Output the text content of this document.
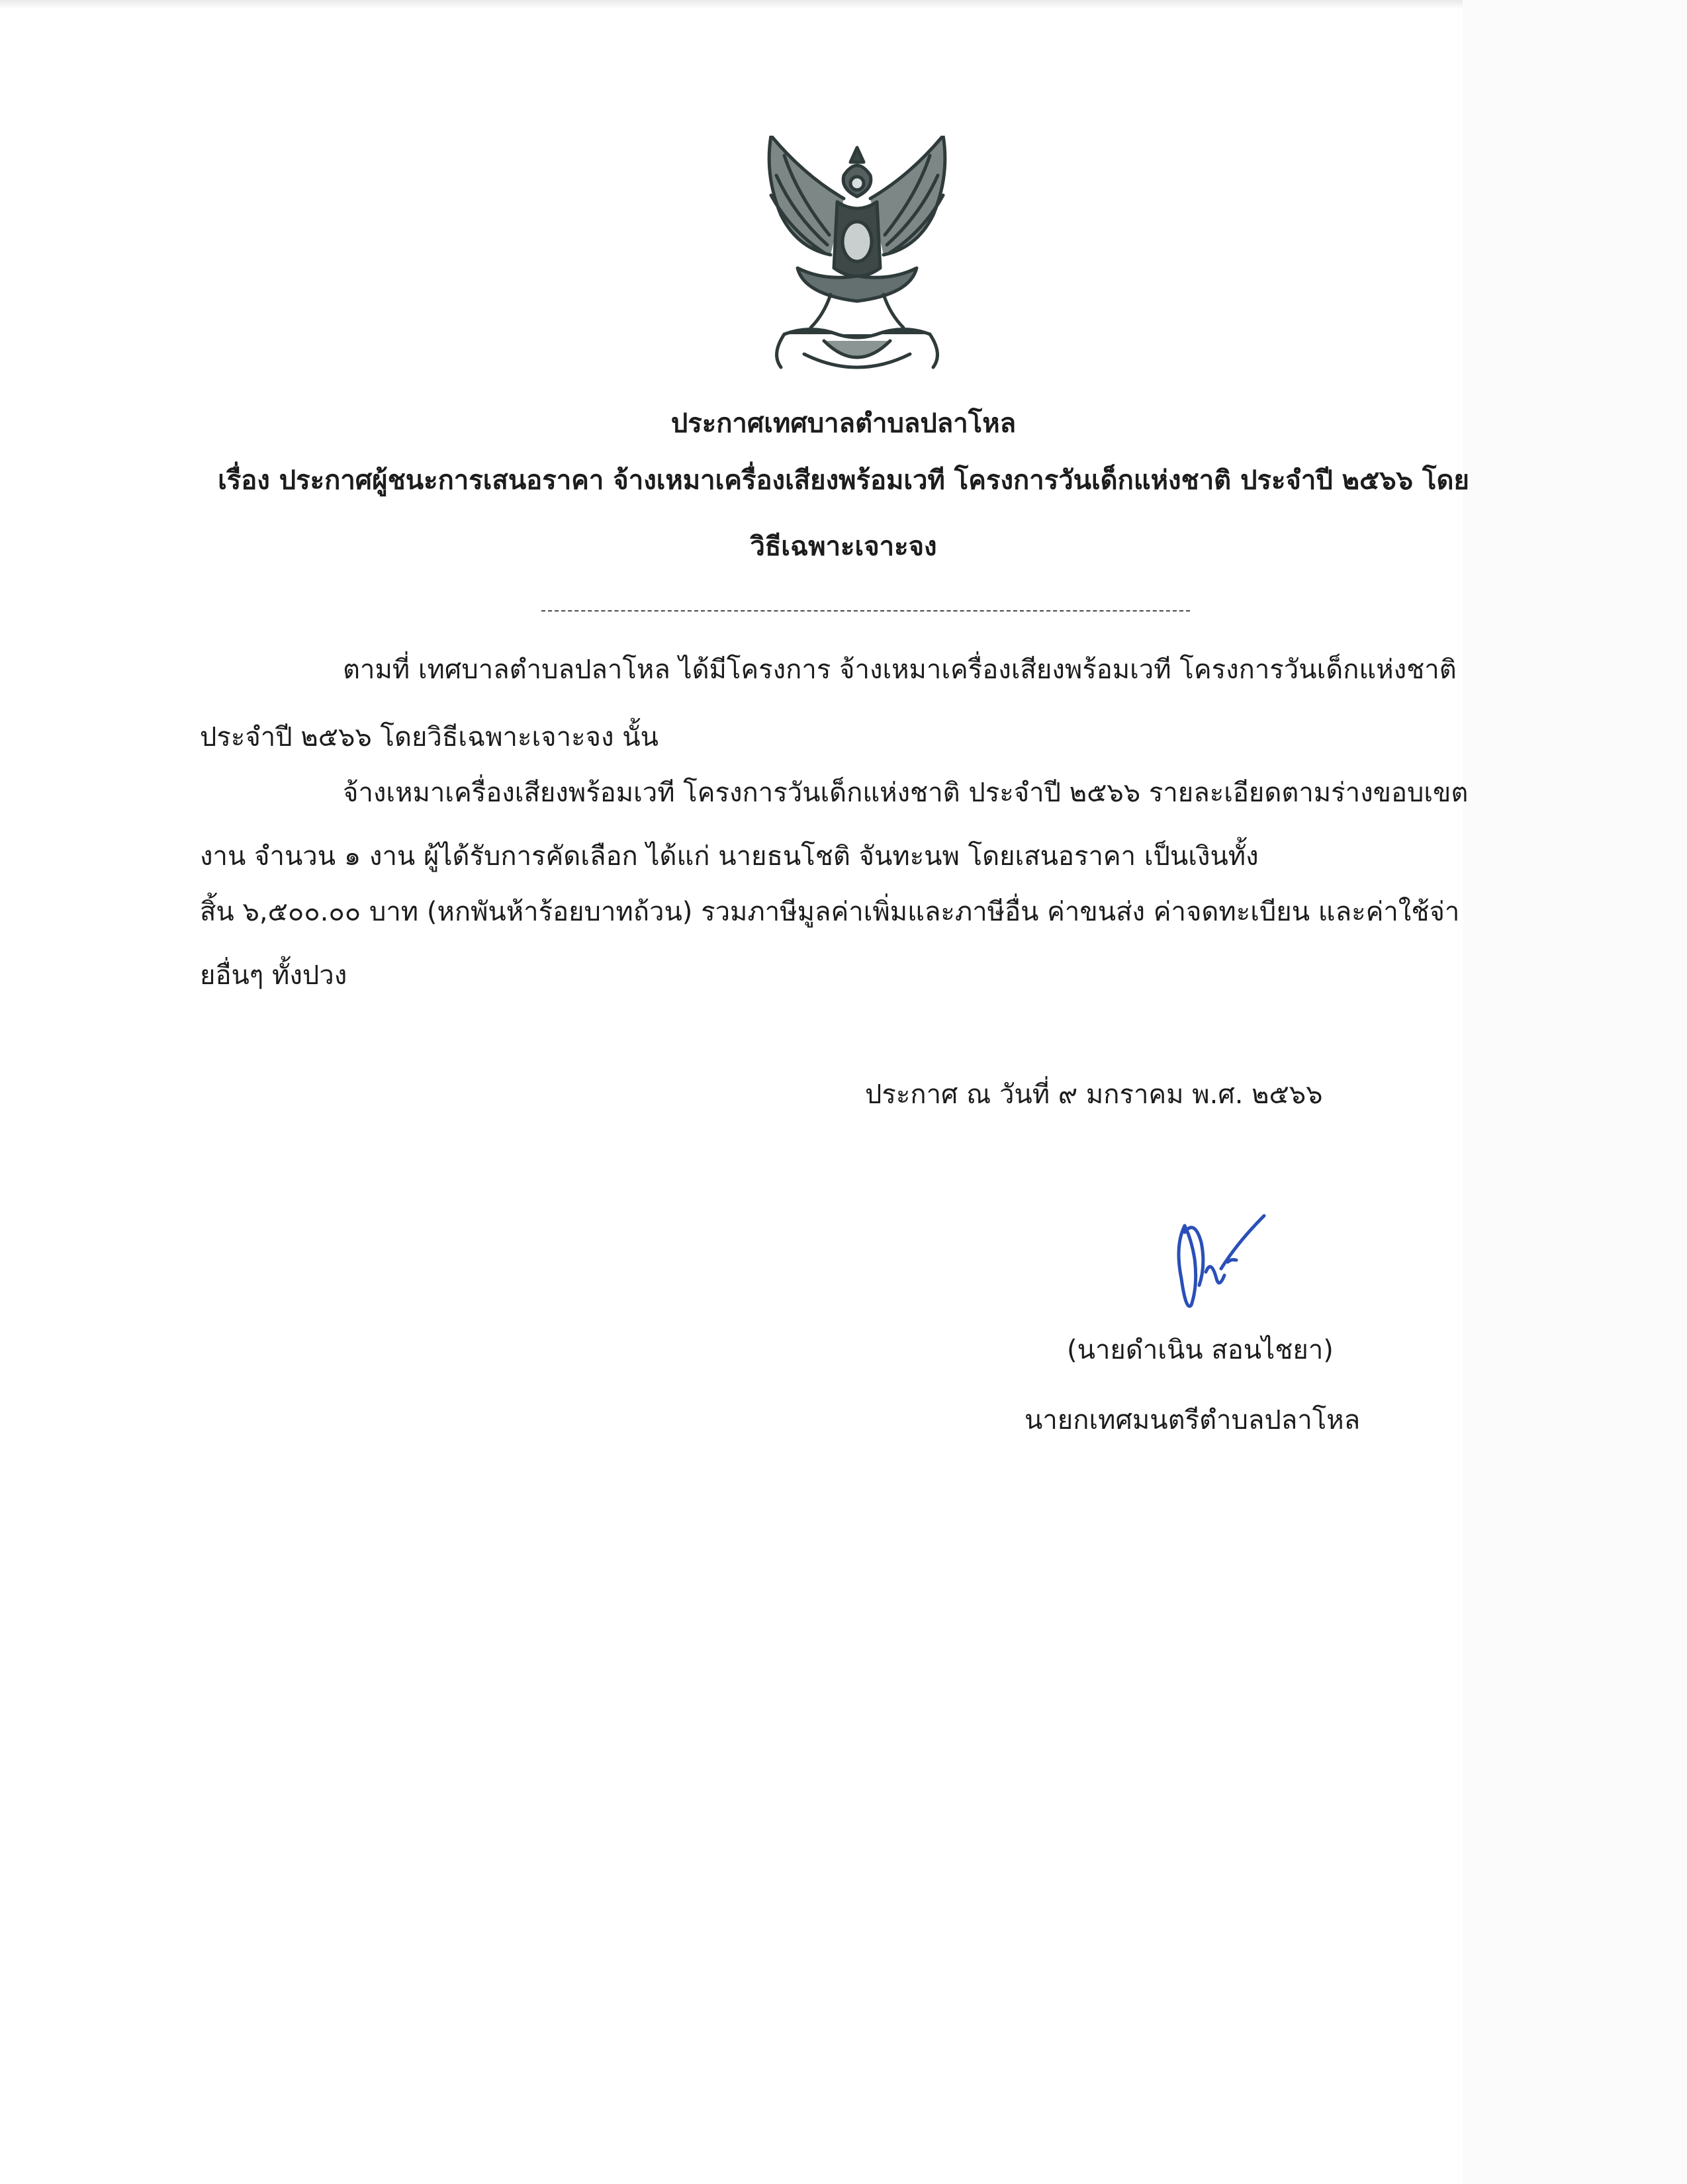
ประกาศเทศบาลตำบลปลาโหล
เรื่อง ประกาศผู้ชนะการเสนอราคา จ้างเหมาเครื่องเสียงพร้อมเวที โครงการวันเด็กแห่งชาติ ประจำปี ๒๕๖๖ โดย
วิธีเฉพาะเจาะจง
ตามที่ เทศบาลตำบลปลาโหล ได้มีโครงการ จ้างเหมาเครื่องเสียงพร้อมเวที โครงการวันเด็กแห่งชาติ
ประจำปี ๒๕๖๖ โดยวิธีเฉพาะเจาะจง นั้น
จ้างเหมาเครื่องเสียงพร้อมเวที โครงการวันเด็กแห่งชาติ ประจำปี ๒๕๖๖ รายละเอียดตามร่างขอบเขต
งาน จำนวน ๑ งาน ผู้ได้รับการคัดเลือก ได้แก่ นายธนโชติ จันทะนพ โดยเสนอราคา เป็นเงินทั้ง
สิ้น ๖,๕๐๐.๐๐ บาท (หกพันห้าร้อยบาทถ้วน) รวมภาษีมูลค่าเพิ่มและภาษีอื่น ค่าขนส่ง ค่าจดทะเบียน และค่าใช้จ่า
ยอื่นๆ ทั้งปวง
ประกาศ ณ วันที่ ๙ มกราคม พ.ศ. ๒๕๖๖
(นายดำเนิน สอนไชยา)
นายกเทศมนตรีตำบลปลาโหล
